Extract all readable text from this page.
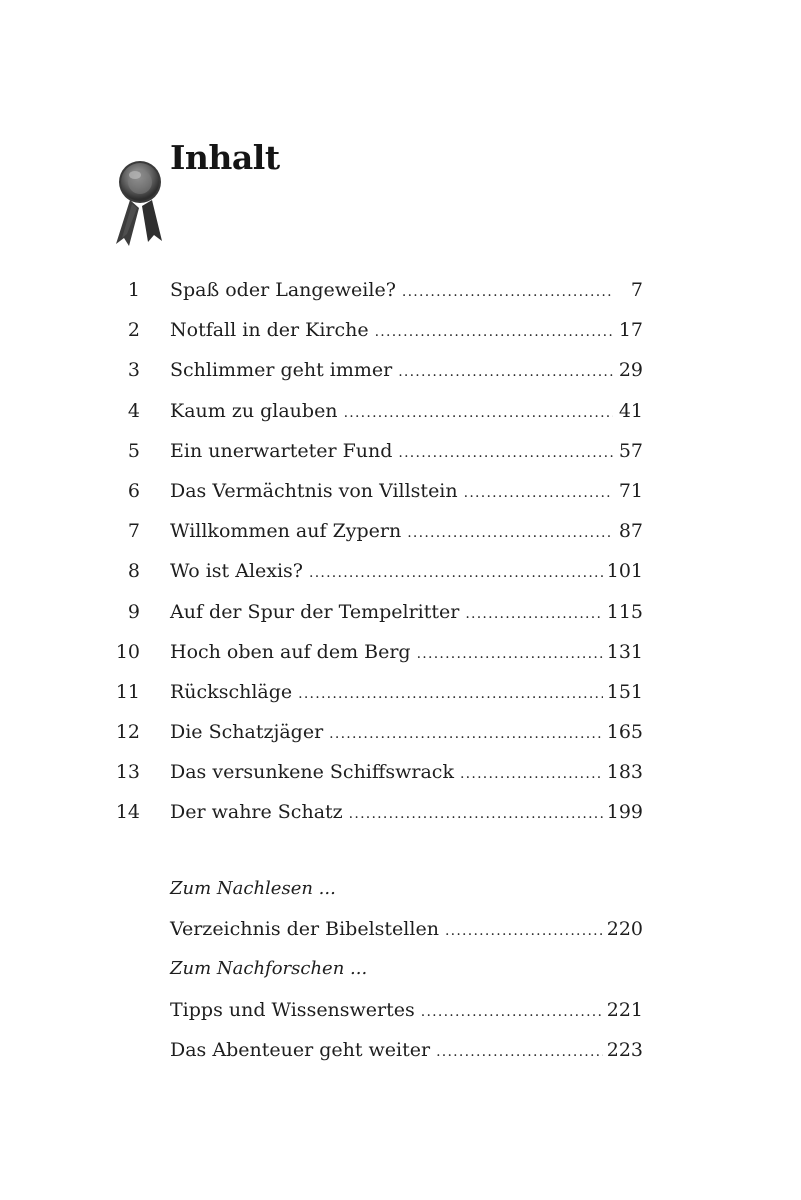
Inhalt
1 Spaß oder Langeweile? . . .	7
2 Notfall in der Kirche . . .	17
3 Schlimmer geht immer . . .	29
4 Kaum zu glauben . . .	41
5 Ein unerwarteter Fund . . .	57
6 Das Vermächtnis von Villstein . . .	71
7 Willkommen auf Zypern . . .	87
8 Wo ist Alexis? . . .	101
9 Auf der Spur der Tempelritter . . .	115
10 Hoch oben auf dem Berg . . .	131
11 Rückschläge . . .	151
12 Die Schatzjäger . . .	165
13 Das versunkene Schiffswrack . . .	183
14 Der wahre Schatz . . .	199
Zum Nachlesen ...
Verzeichnis der Bibelstellen . . .	220
Zum Nachforschen ...
Tipps und Wissenswertes . . .	221
Das Abenteuer geht weiter . . .	223
